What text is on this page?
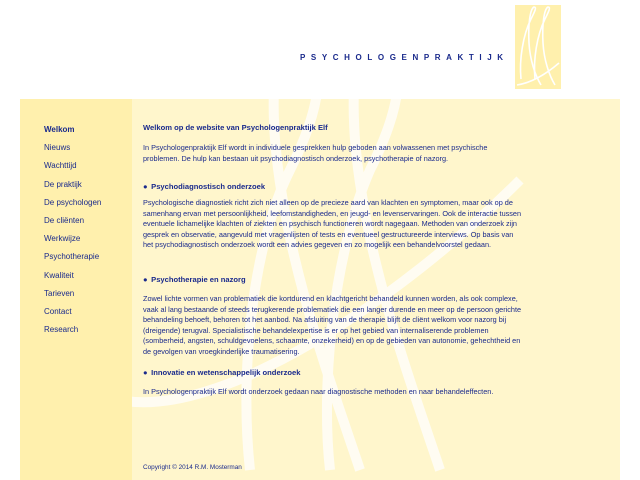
PSYCHOLOGENPRAKTIJK
Welkom
Nieuws
Wachttijd
De praktijk
De psychologen
De cliënten
Werkwijze
Psychotherapie
Kwaliteit
Tarieven
Contact
Research
Welkom op de website van Psychologenpraktijk Elf

In Psychologenpraktijk Elf wordt in individuele gesprekken hulp geboden aan volwassenen met psychische problemen. De hulp kan bestaan uit psychodiagnostisch onderzoek, psychotherapie of nazorg.

● Psychodiagnostisch onderzoek

Psychologische diagnostiek richt zich niet alleen op de precieze aard van klachten en symptomen, maar ook op de samenhang ervan met persoonlijkheid, leefomstandigheden, en jeugd- en levenservaringen. Ook de interactie tussen eventuele lichamelijke klachten of ziekten en psychisch functioneren wordt nagegaan. Methoden van onderzoek zijn gesprek en observatie, aangevuld met vragenlijsten of tests en eventueel gestructureerde interviews. Op basis van het psychodiagnostisch onderzoek wordt een advies gegeven en zo mogelijk een behandelvoorstel gedaan.

● Psychotherapie en nazorg

Zowel lichte vormen van problematiek die kortdurend en klachtgericht behandeld kunnen worden, als ook complexe, vaak al lang bestaande of steeds terugkerende problematiek die een langer durende en meer op de persoon gerichte behandeling behoeft, behoren tot het aanbod. Na afsluiting van de therapie blijft de cliënt welkom voor nazorg bij (dreigende) terugval. Specialistische behandelexpertise is er op het gebied van internaliserende problemen (somberheid, angsten, schuldgevoelens, schaamte, onzekerheid) en op de gebieden van autonomie, gehechtheid en de gevolgen van vroegkinderlijke traumatisering.

● Innovatie en wetenschappelijk onderzoek

In Psychologenpraktijk Elf wordt onderzoek gedaan naar diagnostische methoden en naar behandeleffecten.

Copyright © 2014 R.M. Mosterman
